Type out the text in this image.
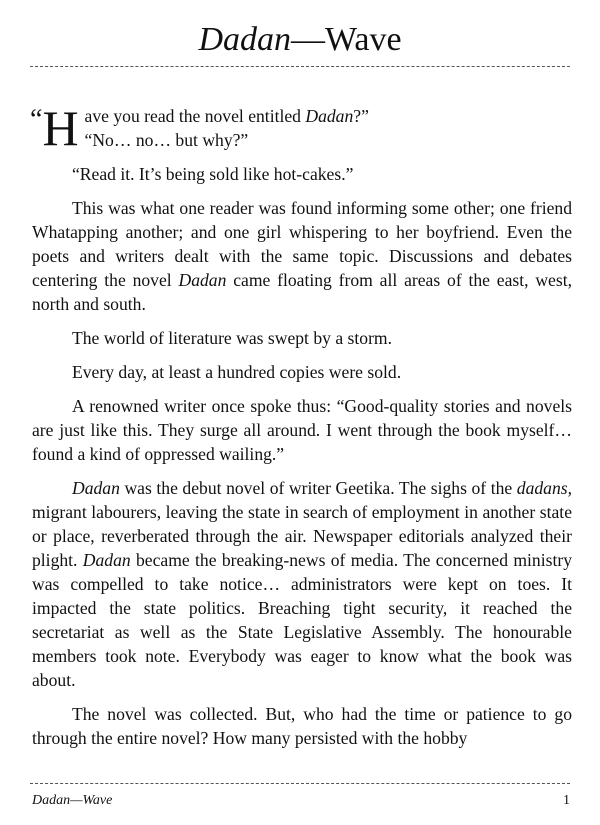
Dadan—Wave

“H ave you read the novel entitled Dadan?”
“No… no… but why?”

“Read it. It’s being sold like hot-cakes.”

This was what one reader was found informing some other; one friend Whatapping another; and one girl whispering to her boyfriend. Even the poets and writers dealt with the same topic. Discussions and debates centering the novel Dadan came floating from all areas of the east, west, north and south.

The world of literature was swept by a storm.

Every day, at least a hundred copies were sold.

A renowned writer once spoke thus: “Good-quality stories and novels are just like this. They surge all around. I went through the book myself… found a kind of oppressed wailing.”

Dadan was the debut novel of writer Geetika. The sighs of the dadans, migrant labourers, leaving the state in search of employment in another state or place, reverberated through the air. Newspaper editorials analyzed their plight. Dadan became the breaking-news of media. The concerned ministry was compelled to take notice… administrators were kept on toes. It impacted the state politics. Breaching tight security, it reached the secretariat as well as the State Legislative Assembly. The honourable members took note. Everybody was eager to know what the book was about.

The novel was collected. But, who had the time or patience to go through the entire novel? How many persisted with the hobby

Dadan—Wave	1
